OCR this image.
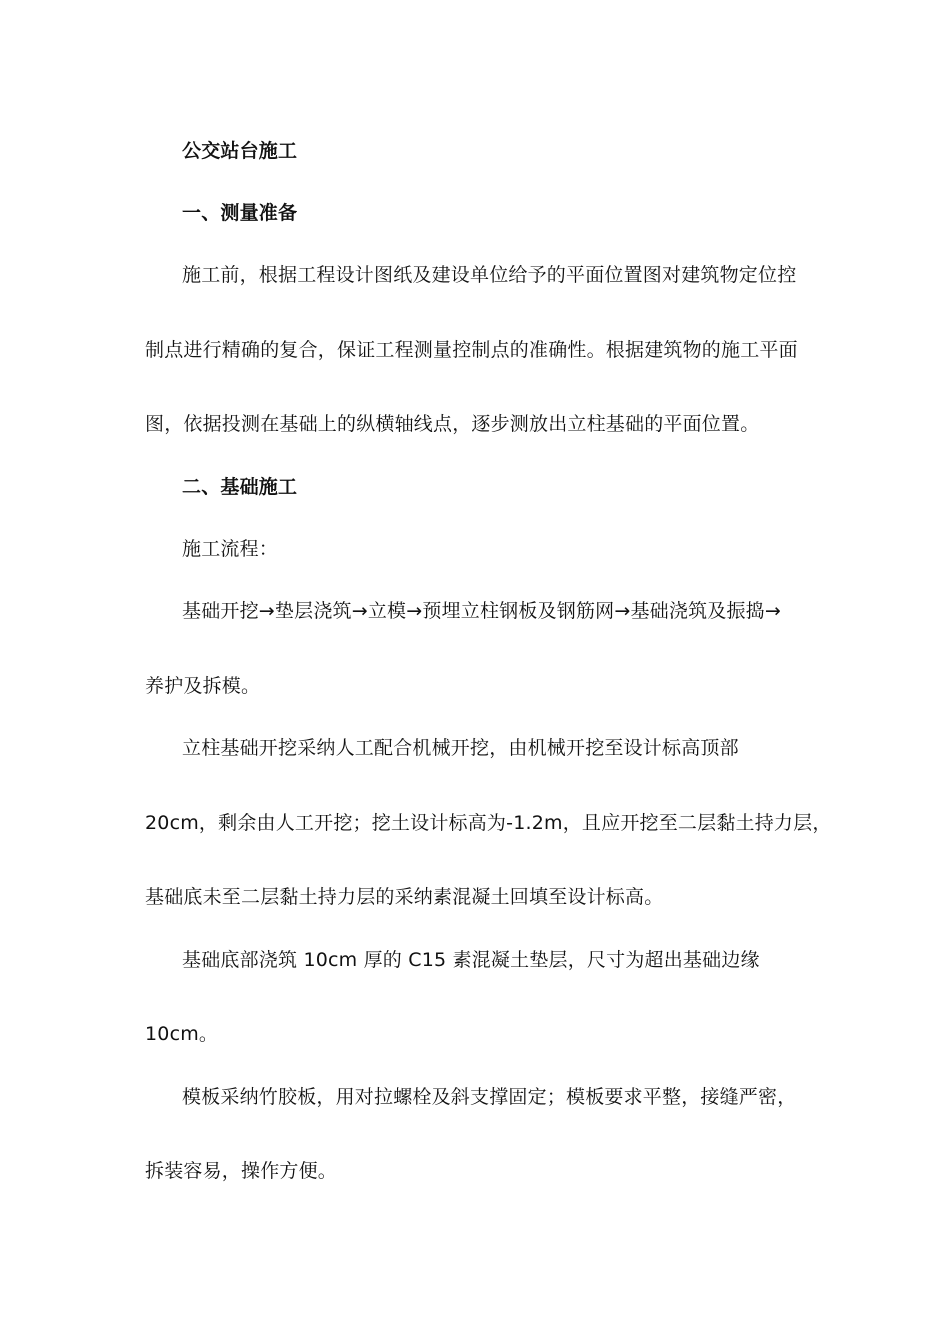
公交站台施工
一、测量准备
施工前，根据工程设计图纸及建设单位给予的平面位置图对建筑物定位控
制点进行精确的复合，保证工程测量控制点的准确性。根据建筑物的施工平面
图，依据投测在基础上的纵横轴线点，逐步测放出立柱基础的平面位置。
二、基础施工
施工流程：
基础开挖→垫层浇筑→立模→预埋立柱钢板及钢筋网→基础浇筑及振捣→
养护及拆模。
立柱基础开挖采纳人工配合机械开挖，由机械开挖至设计标高顶部
20cm，剩余由人工开挖；挖土设计标高为-1.2m，且应开挖至二层黏土持力层，
基础底未至二层黏土持力层的采纳素混凝土回填至设计标高。
基础底部浇筑 10cm 厚的 C15 素混凝土垫层，尺寸为超出基础边缘
10cm。
模板采纳竹胶板，用对拉螺栓及斜支撑固定；模板要求平整，接缝严密，
拆装容易，操作方便。
